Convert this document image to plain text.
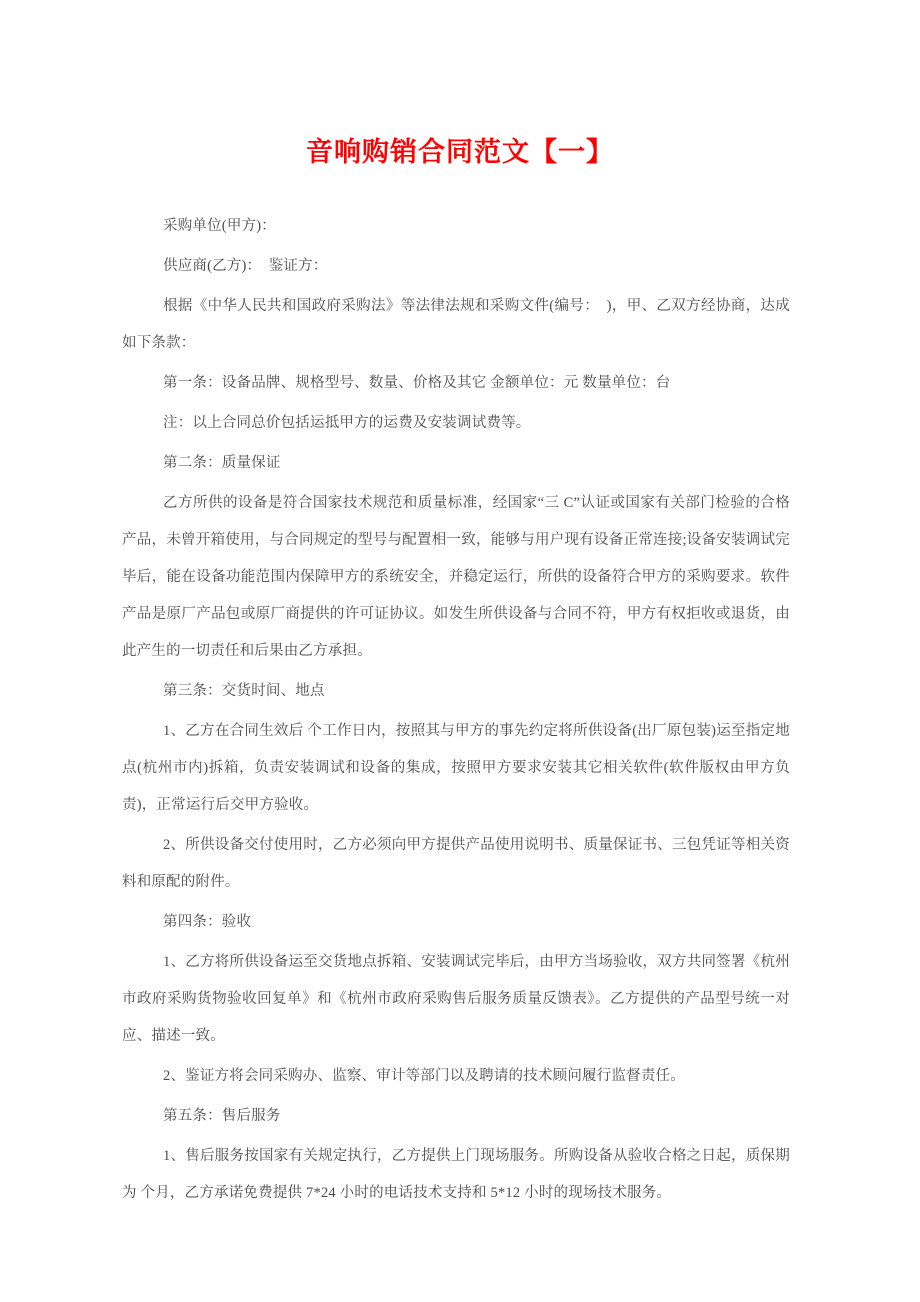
音响购销合同范文【一】

采购单位(甲方)：

供应商(乙方)：　鉴证方：

根据《中华人民共和国政府采购法》等法律法规和采购文件(编号：　)，甲、乙双方经协商，达成如下条款：

第一条：设备品牌、规格型号、数量、价格及其它 金额单位：元 数量单位：台

注：以上合同总价包括运抵甲方的运费及安装调试费等。

第二条：质量保证

乙方所供的设备是符合国家技术规范和质量标准，经国家“三 C”认证或国家有关部门检验的合格产品，未曾开箱使用，与合同规定的型号与配置相一致，能够与用户现有设备正常连接;设备安装调试完毕后，能在设备功能范围内保障甲方的系统安全，并稳定运行，所供的设备符合甲方的采购要求。软件产品是原厂产品包或原厂商提供的许可证协议。如发生所供设备与合同不符，甲方有权拒收或退货，由此产生的一切责任和后果由乙方承担。

第三条：交货时间、地点

1、乙方在合同生效后 个工作日内，按照其与甲方的事先约定将所供设备(出厂原包装)运至指定地点(杭州市内)拆箱，负责安装调试和设备的集成，按照甲方要求安装其它相关软件(软件版权由甲方负责)，正常运行后交甲方验收。

2、所供设备交付使用时，乙方必须向甲方提供产品使用说明书、质量保证书、三包凭证等相关资料和原配的附件。

第四条：验收

1、乙方将所供设备运至交货地点拆箱、安装调试完毕后，由甲方当场验收，双方共同签署《杭州市政府采购货物验收回复单》和《杭州市政府采购售后服务质量反馈表》。乙方提供的产品型号统一对应、描述一致。

2、鉴证方将会同采购办、监察、审计等部门以及聘请的技术顾问履行监督责任。

第五条：售后服务

1、售后服务按国家有关规定执行，乙方提供上门现场服务。所购设备从验收合格之日起，质保期为 个月，乙方承诺免费提供 7*24 小时的电话技术支持和 5*12 小时的现场技术服务。
